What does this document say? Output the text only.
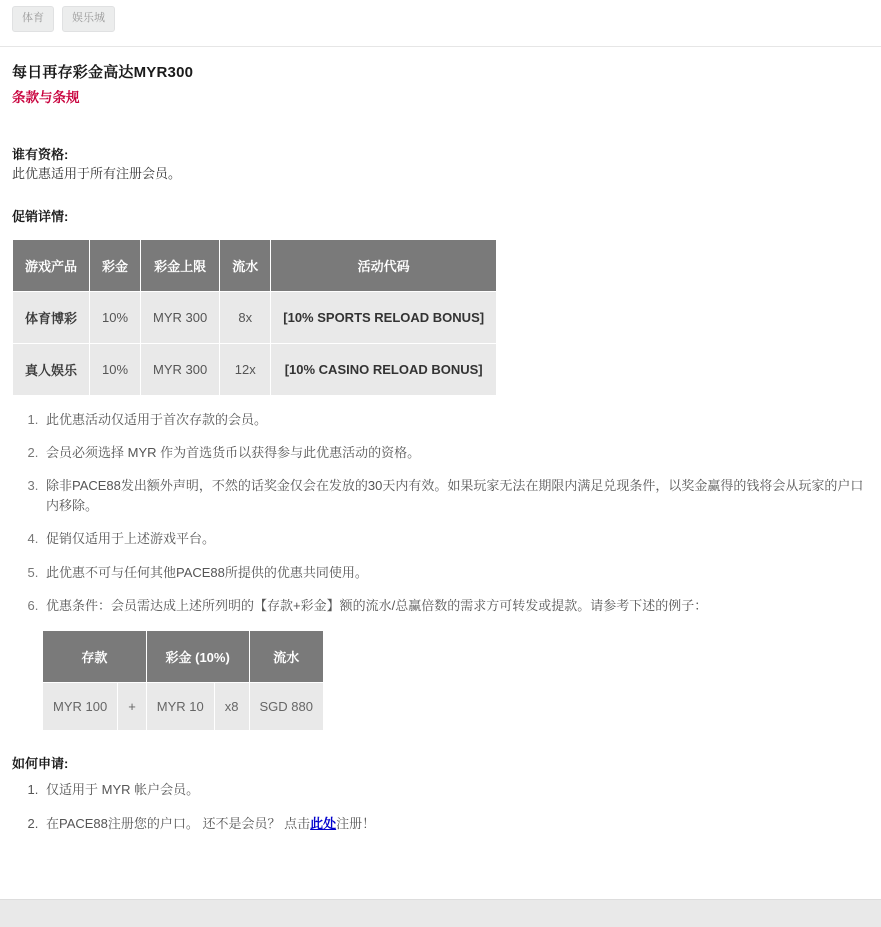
体育	娱乐城
每日再存彩金高达MYR300
条款与条规
谁有资格:
此优惠适用于所有注册会员。
促销详情:
游戏产品	彩金	彩金上限	流水	活动代码
体育博彩	10%	MYR 300	8x	[10% SPORTS RELOAD BONUS]
真人娱乐	10%	MYR 300	12x	[10% CASINO RELOAD BONUS]
1. 此优惠活动仅适用于首次存款的会员。
2. 会员必须选择 MYR 作为首选货币以获得参与此优惠活动的资格。
3. 除非PACE88发出额外声明，不然的话奖金仅会在发放的30天内有效。如果玩家无法在期限内满足兑现条件，以奖金赢得的钱将会从玩家的户口内移除。
4. 促销仅适用于上述游戏平台。
5. 此优惠不可与任何其他PACE88所提供的优惠共同使用。
6. 优惠条件：会员需达成上述所列明的【存款+彩金】额的流水/总赢倍数的需求方可转发或提款。请参考下述的例子：
存款		彩金 (10%)		流水
MYR 100	+	MYR 10	x8	SGD 880
如何申请:
1. 仅适用于 MYR 帐户会员。
2. 在PACE88注册您的户口。 还不是会员？ 点击此处注册！
